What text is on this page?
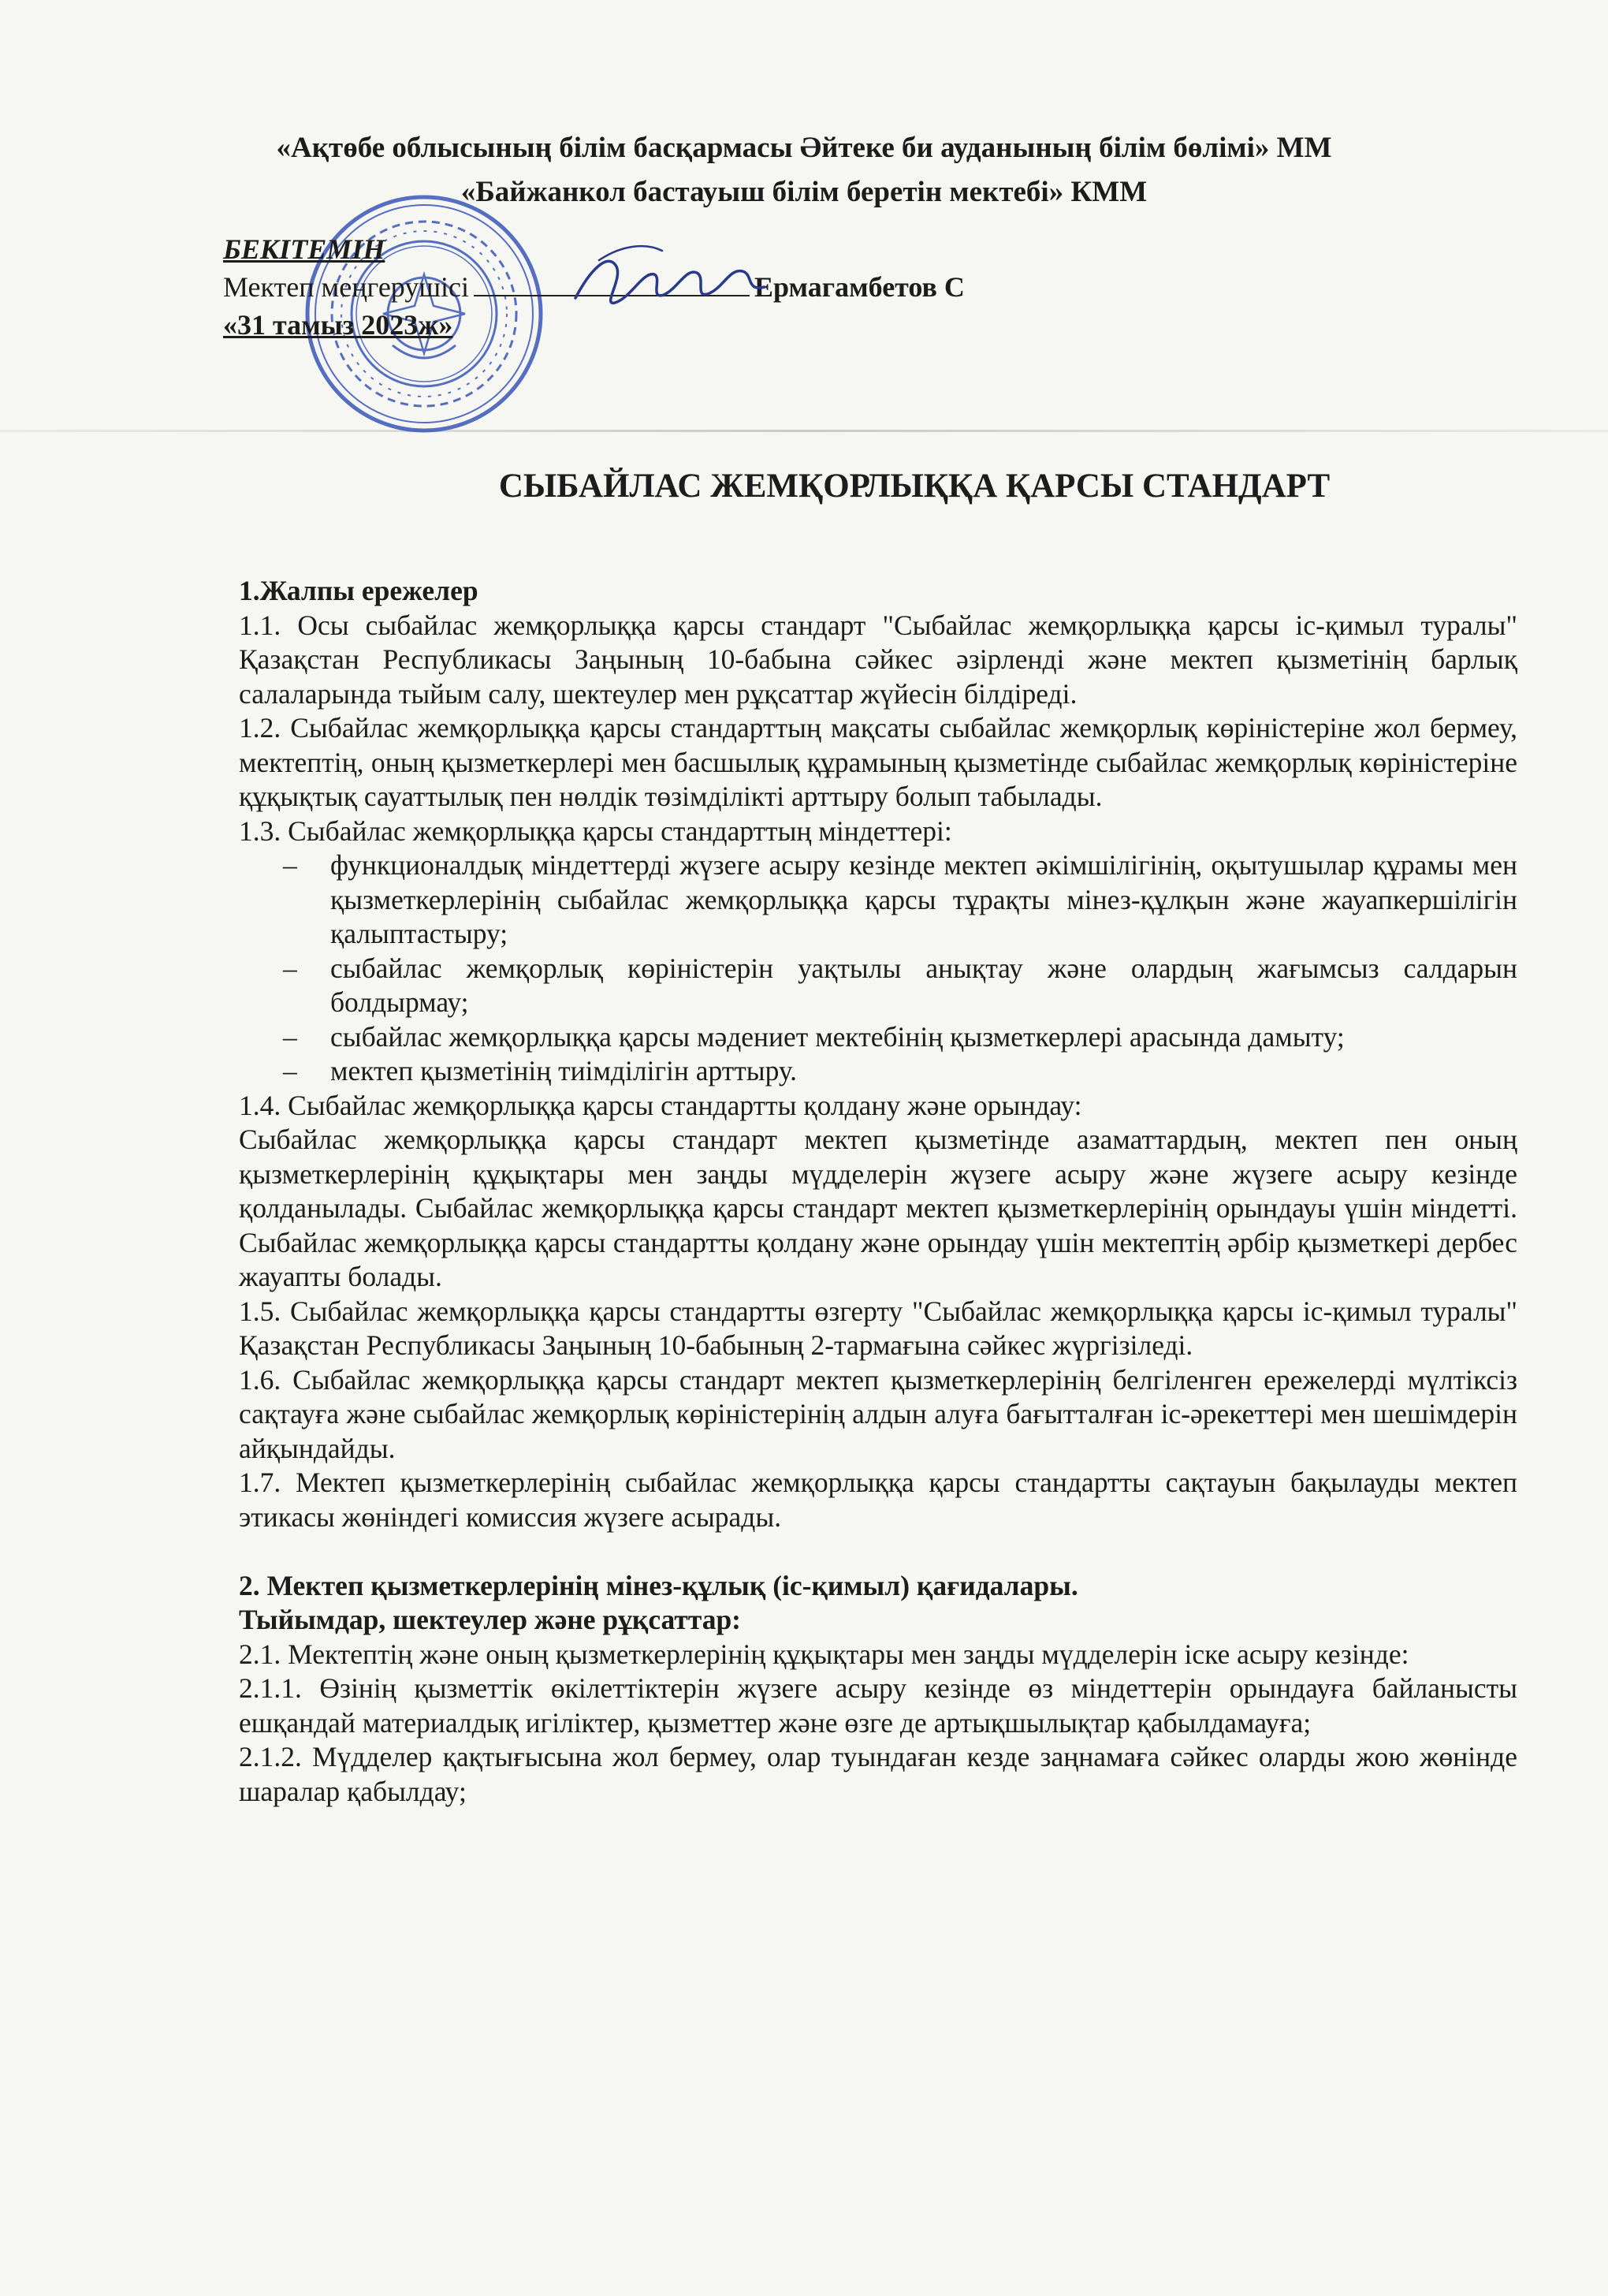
«Ақтөбе облысының білім басқармасы Әйтеке би ауданының білім бөлімі» ММ
«Байжанкол бастауыш білім беретін мектебі» КММ
БЕКІТЕМІН
Мектеп меңгерушісі	Ермагамбетов С
«31 тамыз 2023ж»
СЫБАЙЛАС ЖЕМҚОРЛЫҚҚА ҚАРСЫ СТАНДАРТ

1.Жалпы ережелер

1.1. Осы сыбайлас жемқорлыққа қарсы стандарт "Сыбайлас жемқорлыққа қарсы іс-қимыл туралы" Қазақстан Республикасы Заңының 10-бабына сәйкес әзірленді және мектеп қызметінің барлық салаларында тыйым салу, шектеулер мен рұқсаттар жүйесін білдіреді.

1.2. Сыбайлас жемқорлыққа қарсы стандарттың мақсаты сыбайлас жемқорлық көріністеріне жол бермеу, мектептің, оның қызметкерлері мен басшылық құрамының қызметінде сыбайлас жемқорлық көріністеріне құқықтық сауаттылық пен нөлдік төзімділікті арттыру болып табылады.

1.3. Сыбайлас жемқорлыққа қарсы стандарттың міндеттері:

– функционалдық міндеттерді жүзеге асыру кезінде мектеп әкімшілігінің, оқытушылар құрамы мен қызметкерлерінің сыбайлас жемқорлыққа қарсы тұрақты мінез-құлқын және жауапкершілігін қалыптастыру;
– сыбайлас жемқорлық көріністерін уақтылы анықтау және олардың жағымсыз салдарын болдырмау;
– сыбайлас жемқорлыққа қарсы мәдениет мектебінің қызметкерлері арасында дамыту;
– мектеп қызметінің тиімділігін арттыру.

1.4. Сыбайлас жемқорлыққа қарсы стандартты қолдану және орындау:

Сыбайлас жемқорлыққа қарсы стандарт мектеп қызметінде азаматтардың, мектеп пен оның қызметкерлерінің құқықтары мен заңды мүдделерін жүзеге асыру және жүзеге асыру кезінде қолданылады. Сыбайлас жемқорлыққа қарсы стандарт мектеп қызметкерлерінің орындауы үшін міндетті. Сыбайлас жемқорлыққа қарсы стандартты қолдану және орындау үшін мектептің әрбір қызметкері дербес жауапты болады.

1.5. Сыбайлас жемқорлыққа қарсы стандартты өзгерту "Сыбайлас жемқорлыққа қарсы іс-қимыл туралы" Қазақстан Республикасы Заңының 10-бабының 2-тармағына сәйкес жүргізіледі.

1.6. Сыбайлас жемқорлыққа қарсы стандарт мектеп қызметкерлерінің белгіленген ережелерді мүлтіксіз сақтауға және сыбайлас жемқорлық көріністерінің алдын алуға бағытталған іс-әрекеттері мен шешімдерін айқындайды.

1.7. Мектеп қызметкерлерінің сыбайлас жемқорлыққа қарсы стандартты сақтауын бақылауды мектеп этикасы жөніндегі комиссия жүзеге асырады.

2. Мектеп қызметкерлерінің мінез-құлық (іс-қимыл) қағидалары.

Тыйымдар, шектеулер және рұқсаттар:

2.1. Мектептің және оның қызметкерлерінің құқықтары мен заңды мүдделерін іске асыру кезінде:

2.1.1. Өзінің қызметтік өкілеттіктерін жүзеге асыру кезінде өз міндеттерін орындауға байланысты ешқандай материалдық игіліктер, қызметтер және өзге де артықшылықтар қабылдамауға;

2.1.2. Мүдделер қақтығысына жол бермеу, олар туындаған кезде заңнамаға сәйкес оларды жою жөнінде шаралар қабылдау;
